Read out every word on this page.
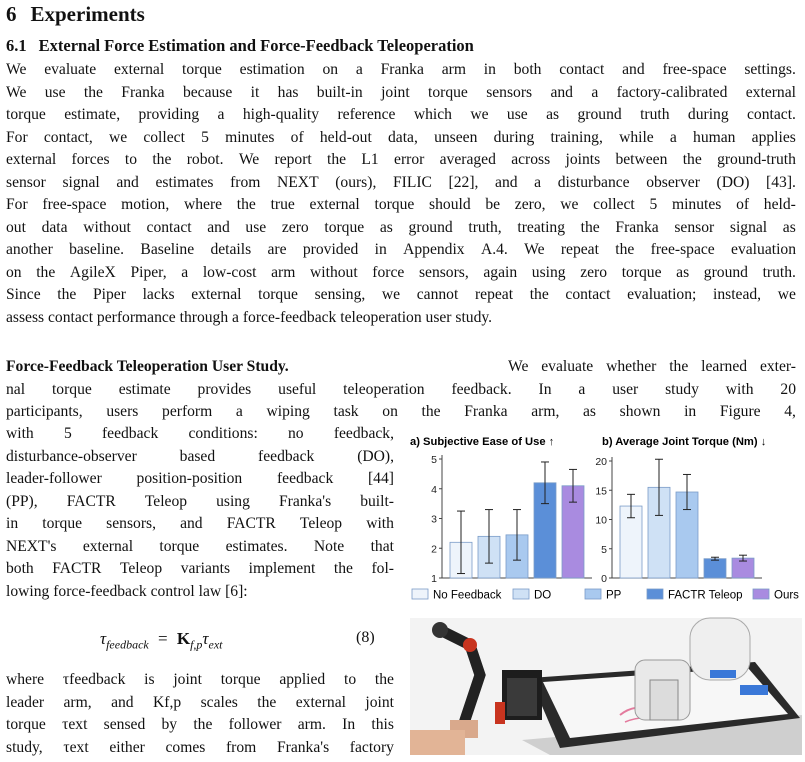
6 Experiments
6.1 External Force Estimation and Force-Feedback Teleoperation
We evaluate external torque estimation on a Franka arm in both contact and free-space settings.
We use the Franka because it has built-in joint torque sensors and a factory-calibrated external
torque estimate, providing a high-quality reference which we use as ground truth during contact.
For contact, we collect 5 minutes of held-out data, unseen during training, while a human applies
external forces to the robot. We report the L1 error averaged across joints between the ground-truth
sensor signal and estimates from NEXT (ours), FILIC [22], and a disturbance observer (DO) [43].
For free-space motion, where the true external torque should be zero, we collect 5 minutes of held-
out data without contact and use zero torque as ground truth, treating the Franka sensor signal as
another baseline. Baseline details are provided in Appendix A.4. We repeat the free-space evaluation
on the AgileX Piper, a low-cost arm without force sensors, again using zero torque as ground truth.
Since the Piper lacks external torque sensing, we cannot repeat the contact evaluation; instead, we
assess contact performance through a force-feedback teleoperation user study.
Force-Feedback Teleoperation User Study.	We evaluate whether the learned exter-
nal torque estimate provides useful teleoperation feedback. In a user study with 20
participants, users perform a wiping task on the Franka arm, as shown in Figure 4,
with 5 feedback conditions: no feedback,
disturbance-observer	based	feedback	(DO),
leader-follower position-position feedback [44]
(PP), FACTR Teleop using Franka's built-
in torque sensors, and FACTR Teleop with
NEXT's external torque estimates. Note that
both FACTR Teleop variants implement the fol-
lowing force-feedback control law [6]:
$\tau_{feedback} = K_{f,p}\tau_{ext}$	(8)
where τfeedback is joint torque applied to the
leader arm, and Kf,p scales the external joint
torque τext sensed by the follower arm. In this
study, τext either comes from Franka's factory
a) Subjective Ease of Use ↑
1
2
3
4
5
b) Average Joint Torque (Nm) ↓
0
5
10
15
20
No Feedback	DO	PP	FACTR Teleop	Ours
